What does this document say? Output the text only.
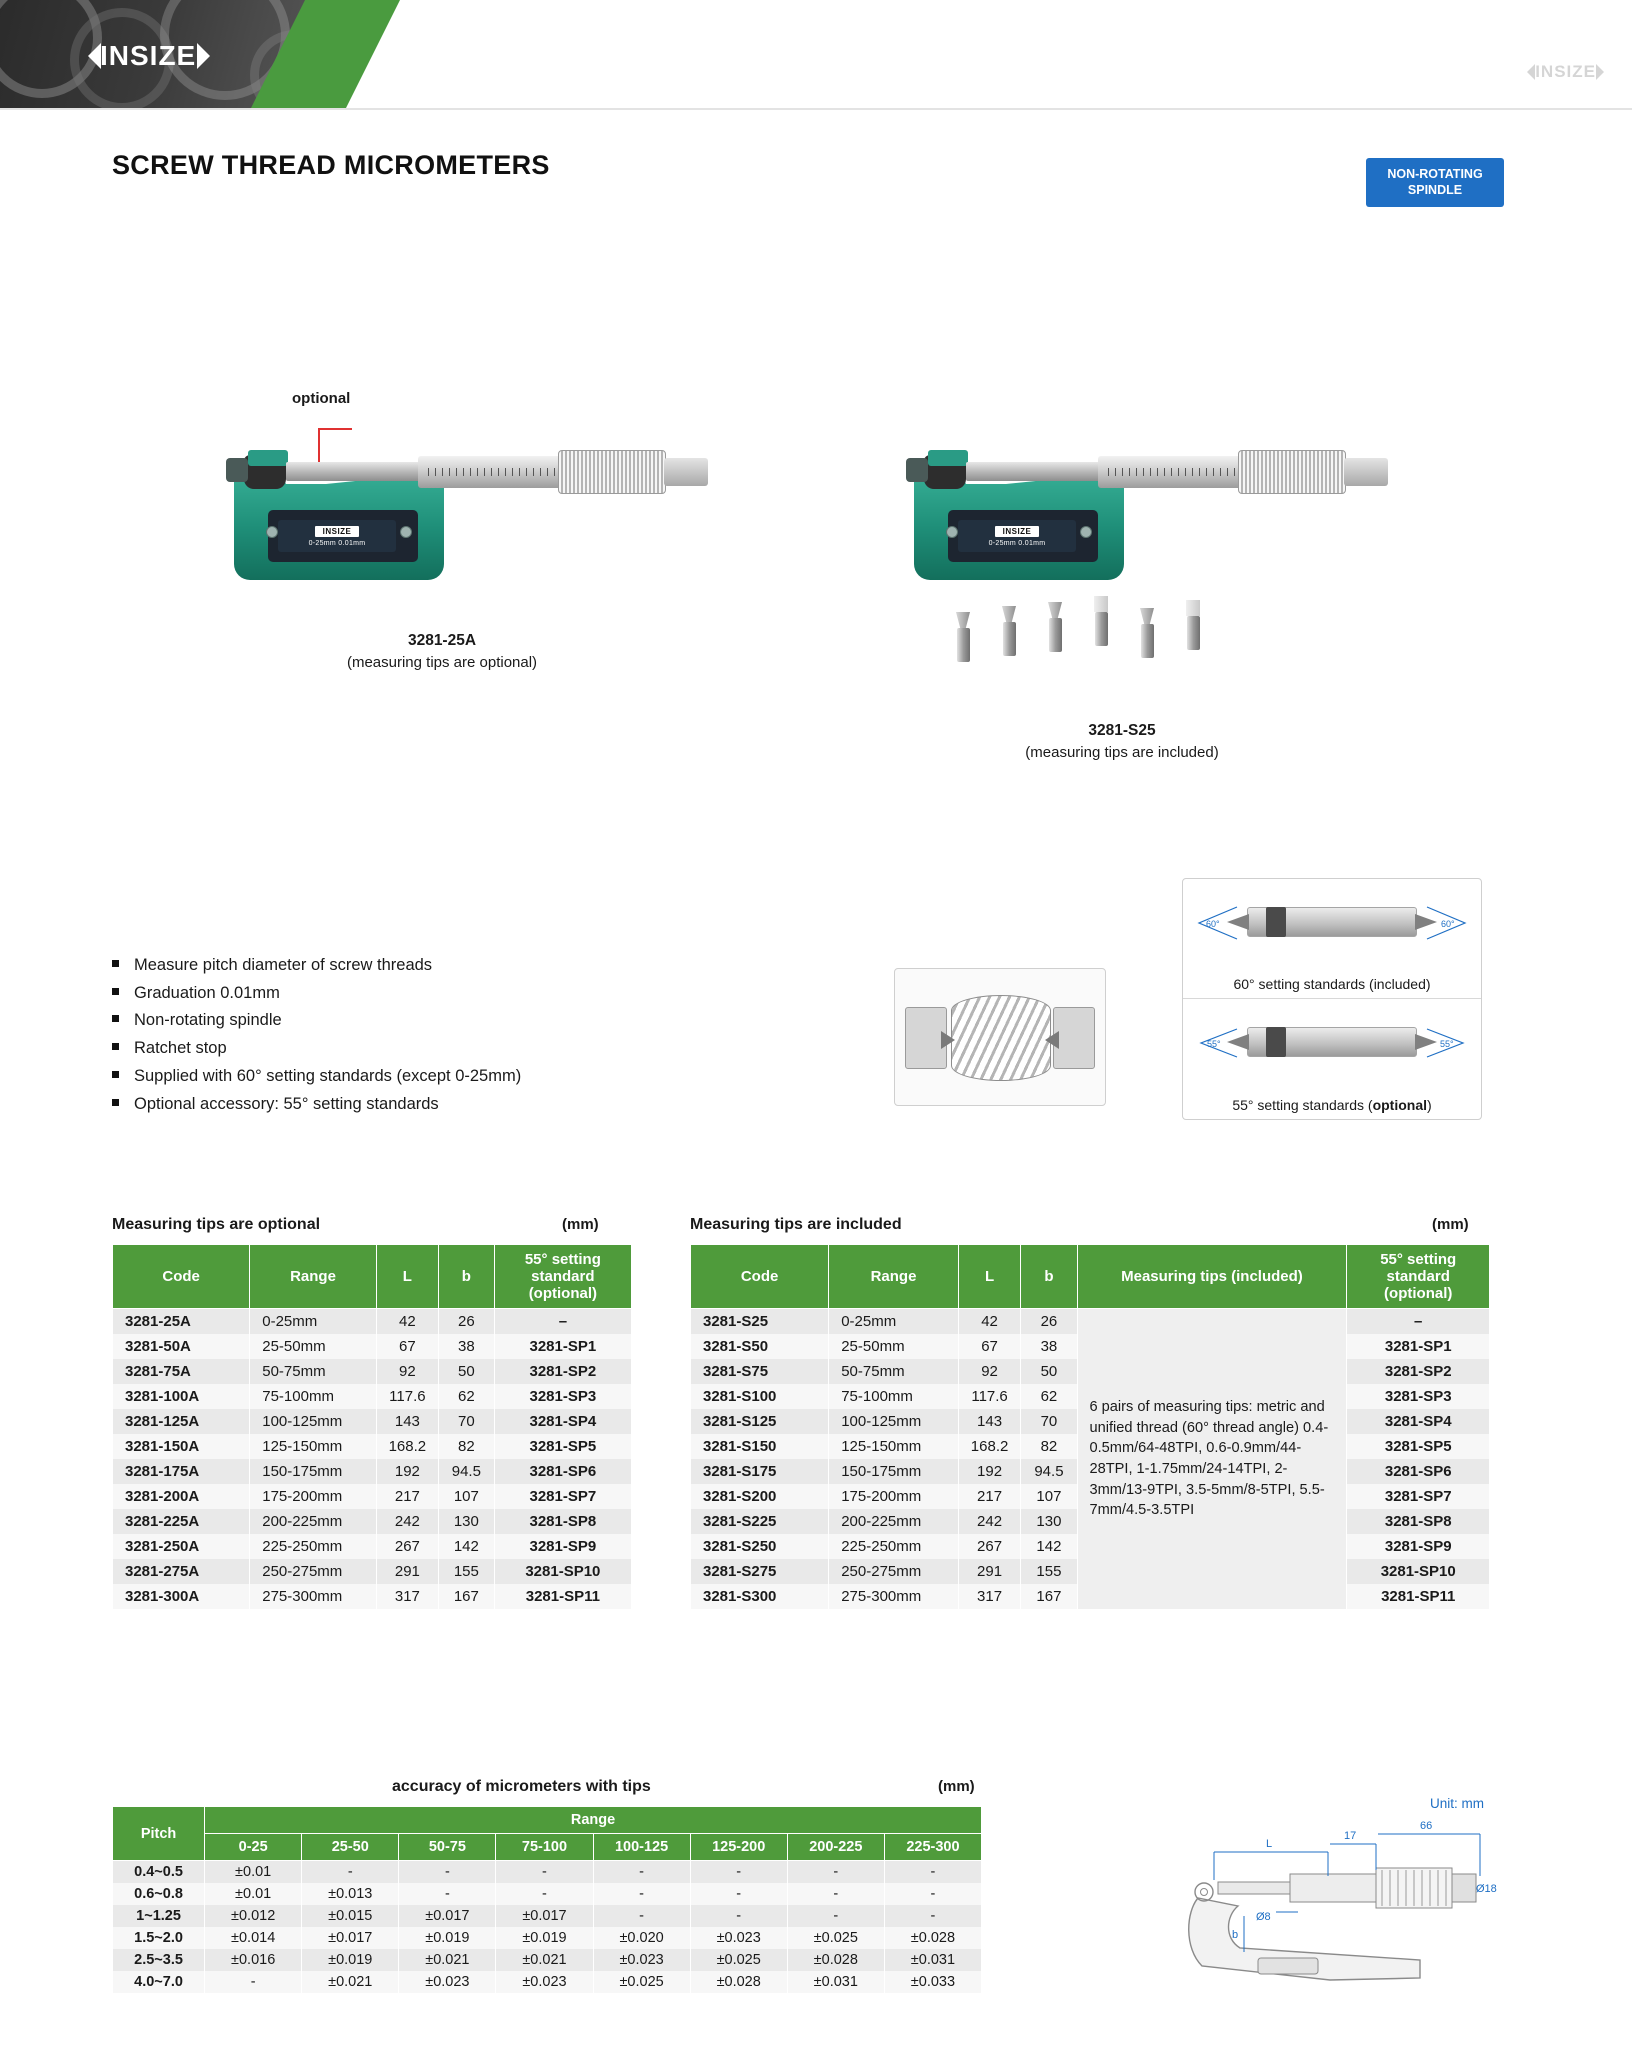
INSIZE
INSIZE
SCREW THREAD MICROMETERS	NON-ROTATING SPINDLE
optional
INSIZE
0-25mm 0.01mm
3281-25A
(measuring tips are optional)
INSIZE
0-25mm 0.01mm
3281-S25
(measuring tips are included)
Measure pitch diameter of screw threads
Graduation 0.01mm
Non-rotating spindle
Ratchet stop
Supplied with 60° setting standards (except 0-25mm)
Optional accessory: 55° setting standards
60°	60°
60° setting standards (included)
55°	55°
55° setting standards (optional)
Measuring tips are optional	(mm)
Code	Range	L	b	55° setting standard (optional)
3281-25A	0-25mm	42	26	–
3281-50A	25-50mm	67	38	3281-SP1
3281-75A	50-75mm	92	50	3281-SP2
3281-100A	75-100mm	117.6	62	3281-SP3
3281-125A	100-125mm	143	70	3281-SP4
3281-150A	125-150mm	168.2	82	3281-SP5
3281-175A	150-175mm	192	94.5	3281-SP6
3281-200A	175-200mm	217	107	3281-SP7
3281-225A	200-225mm	242	130	3281-SP8
3281-250A	225-250mm	267	142	3281-SP9
3281-275A	250-275mm	291	155	3281-SP10
3281-300A	275-300mm	317	167	3281-SP11
Measuring tips are included	(mm)
Code	Range	L	b	Measuring tips (included)	55° setting standard (optional)
3281-S25	0-25mm	42	26	6 pairs of measuring tips: metric and unified thread (60° thread angle) 0.4-0.5mm/64-48TPI, 0.6-0.9mm/44-28TPI, 1-1.75mm/24-14TPI, 2-3mm/13-9TPI, 3.5-5mm/8-5TPI, 5.5-7mm/4.5-3.5TPI	–
3281-S50	25-50mm	67	38		3281-SP1
3281-S75	50-75mm	92	50		3281-SP2
3281-S100	75-100mm	117.6	62		3281-SP3
3281-S125	100-125mm	143	70		3281-SP4
3281-S150	125-150mm	168.2	82		3281-SP5
3281-S175	150-175mm	192	94.5		3281-SP6
3281-S200	175-200mm	217	107		3281-SP7
3281-S225	200-225mm	242	130		3281-SP8
3281-S250	225-250mm	267	142		3281-SP9
3281-S275	250-275mm	291	155		3281-SP10
3281-S300	275-300mm	317	167		3281-SP11
accuracy of micrometers with tips	(mm)
Unit: mm
Pitch	Range							
	0-25	25-50	50-75	75-100	100-125	125-200	200-225	225-300
0.4~0.5	±0.01	-	-	-	-	-	-	-
0.6~0.8	±0.01	±0.013	-	-	-	-	-	-
1~1.25	±0.012	±0.015	±0.017	±0.017	-	-	-	-
1.5~2.0	±0.014	±0.017	±0.019	±0.019	±0.020	±0.023	±0.025	±0.028
2.5~3.5	±0.016	±0.019	±0.021	±0.021	±0.023	±0.025	±0.028	±0.031
4.0~7.0	-	±0.021	±0.023	±0.023	±0.025	±0.028	±0.031	±0.033
L
17
66
b
Ø8
Ø18
